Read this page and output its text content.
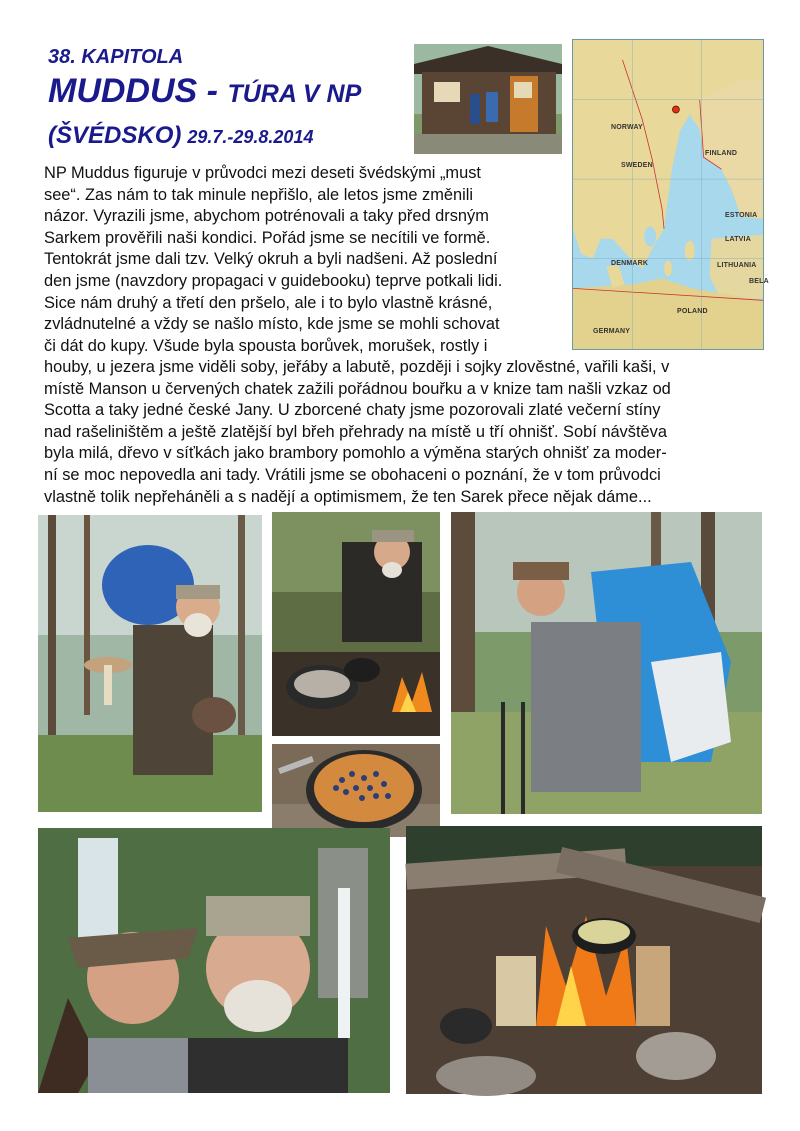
38. KAPITOLA
MUDDUS - TÚRA V NP
(ŠVÉDSKO) 29.7.-29.8.2014	NORWAY
SWEDEN
FINLAND
ESTONIA
LATVIA
LITHUANIA
POLAND
GERMANY
DENMARK
BELA
NP Muddus figuruje v průvodci mezi deseti švédskými „must
see“. Zas nám to tak minule nepřišlo, ale letos jsme změnili
názor. Vyrazili jsme, abychom potrénovali a taky před drsným
Sarkem prověřili naši kondici. Pořád jsme se necítili ve formě.
Tentokrát jsme dali tzv. Velký okruh a byli nadšeni. Až poslední
den jsme (navzdory propagaci v guidebooku) teprve potkali lidi.
Sice nám druhý a třetí den pršelo, ale i to bylo vlastně krásné,
zvládnutelné a vždy se našlo místo, kde jsme se mohli schovat
či dát do kupy. Všude byla spousta borůvek, morušek, rostly i
houby, u jezera jsme viděli soby, jeřáby a labutě, později i sojky zlověstné, vařili kaši, v
místě Manson u červených chatek zažili pořádnou bouřku a v knize tam našli vzkaz od
Scotta a taky jedné české Jany. U zborcené chaty jsme pozorovali zlaté večerní stíny
nad rašeliništěm a ještě zlatější byl břeh přehrady na místě u tří ohnišť. Sobí návštěva
byla milá, dřevo v síťkách jako brambory pomohlo a výměna starých ohnišť za moder-
ní se moc nepovedla ani tady. Vrátili jsme se obohaceni o poznání, že v tom průvodci
vlastně tolik nepřeháněli a s nadějí a optimismem, že ten Sarek přece nějak dáme...
